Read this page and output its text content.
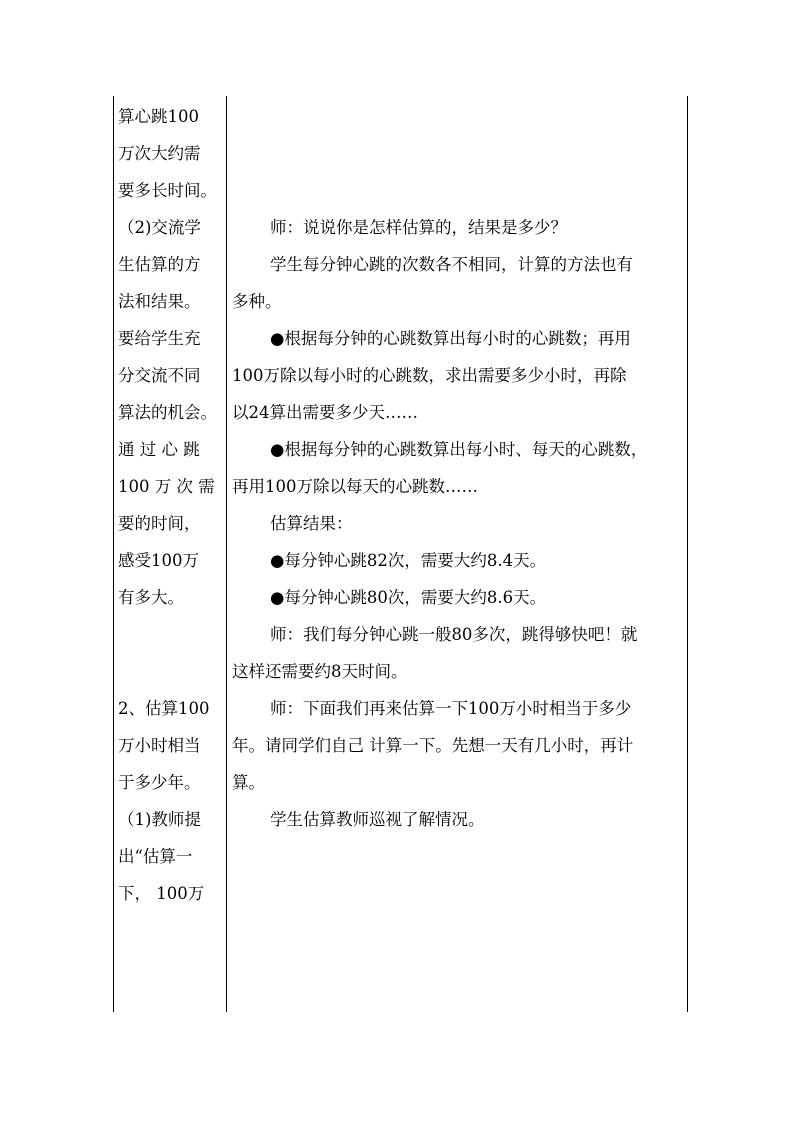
算心跳100
万次大约需
要多长时间。
（2)交流学
生估算的方
法和结果。
要给学生充
分交流不同
算法的机会。
通 过 心 跳
100 万 次 需
要的时间，
感受100万
有多大。
2、估算100
万小时相当
于多少年。
（1)教师提
出“估算一
下， 100万
师：说说你是怎样估算的，结果是多少？
学生每分钟心跳的次数各不相同，计算的方法也有
多种。
●根据每分钟的心跳数算出每小时的心跳数；再用
100万除以每小时的心跳数，求出需要多少小时，再除
以24算出需要多少天……
●根据每分钟的心跳数算出每小时、每天的心跳数，
再用100万除以每天的心跳数……
估算结果：
●每分钟心跳82次，需要大约8.4天。
●每分钟心跳80次，需要大约8.6天。
师：我们每分钟心跳一般80多次，跳得够快吧！就
这样还需要约8天时间。
师：下面我们再来估算一下100万小时相当于多少
年。请同学们自己 计算一下。先想一天有几小时，再计
算。
学生估算教师巡视了解情况。
